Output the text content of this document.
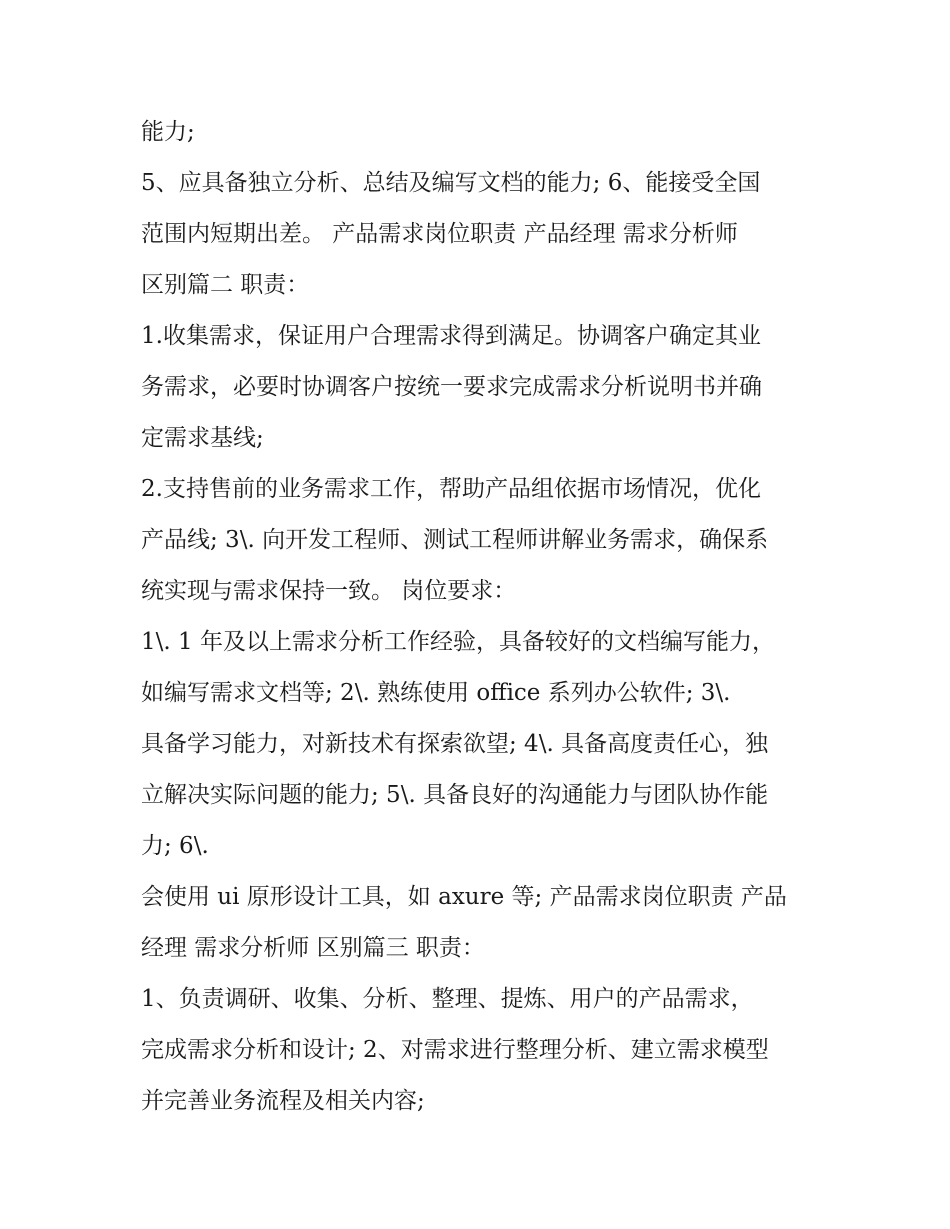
能力;
5、应具备独立分析、总结及编写文档的能力; 6、能接受全国
范围内短期出差。 产品需求岗位职责 产品经理 需求分析师
区别篇二 职责：
1.收集需求，保证用户合理需求得到满足。协调客户确定其业
务需求，必要时协调客户按统一要求完成需求分析说明书并确
定需求基线;
2.支持售前的业务需求工作，帮助产品组依据市场情况，优化
产品线; 3\. 向开发工程师、测试工程师讲解业务需求，确保系
统实现与需求保持一致。 岗位要求：
1\. 1 年及以上需求分析工作经验，具备较好的文档编写能力，
如编写需求文档等; 2\. 熟练使用 office 系列办公软件; 3\.
具备学习能力，对新技术有探索欲望; 4\. 具备高度责任心，独
立解决实际问题的能力; 5\. 具备良好的沟通能力与团队协作能
力; 6\.
会使用 ui 原形设计工具，如 axure 等; 产品需求岗位职责 产品
经理 需求分析师 区别篇三 职责：
1、负责调研、收集、分析、整理、提炼、用户的产品需求，
完成需求分析和设计; 2、对需求进行整理分析、建立需求模型
并完善业务流程及相关内容;
